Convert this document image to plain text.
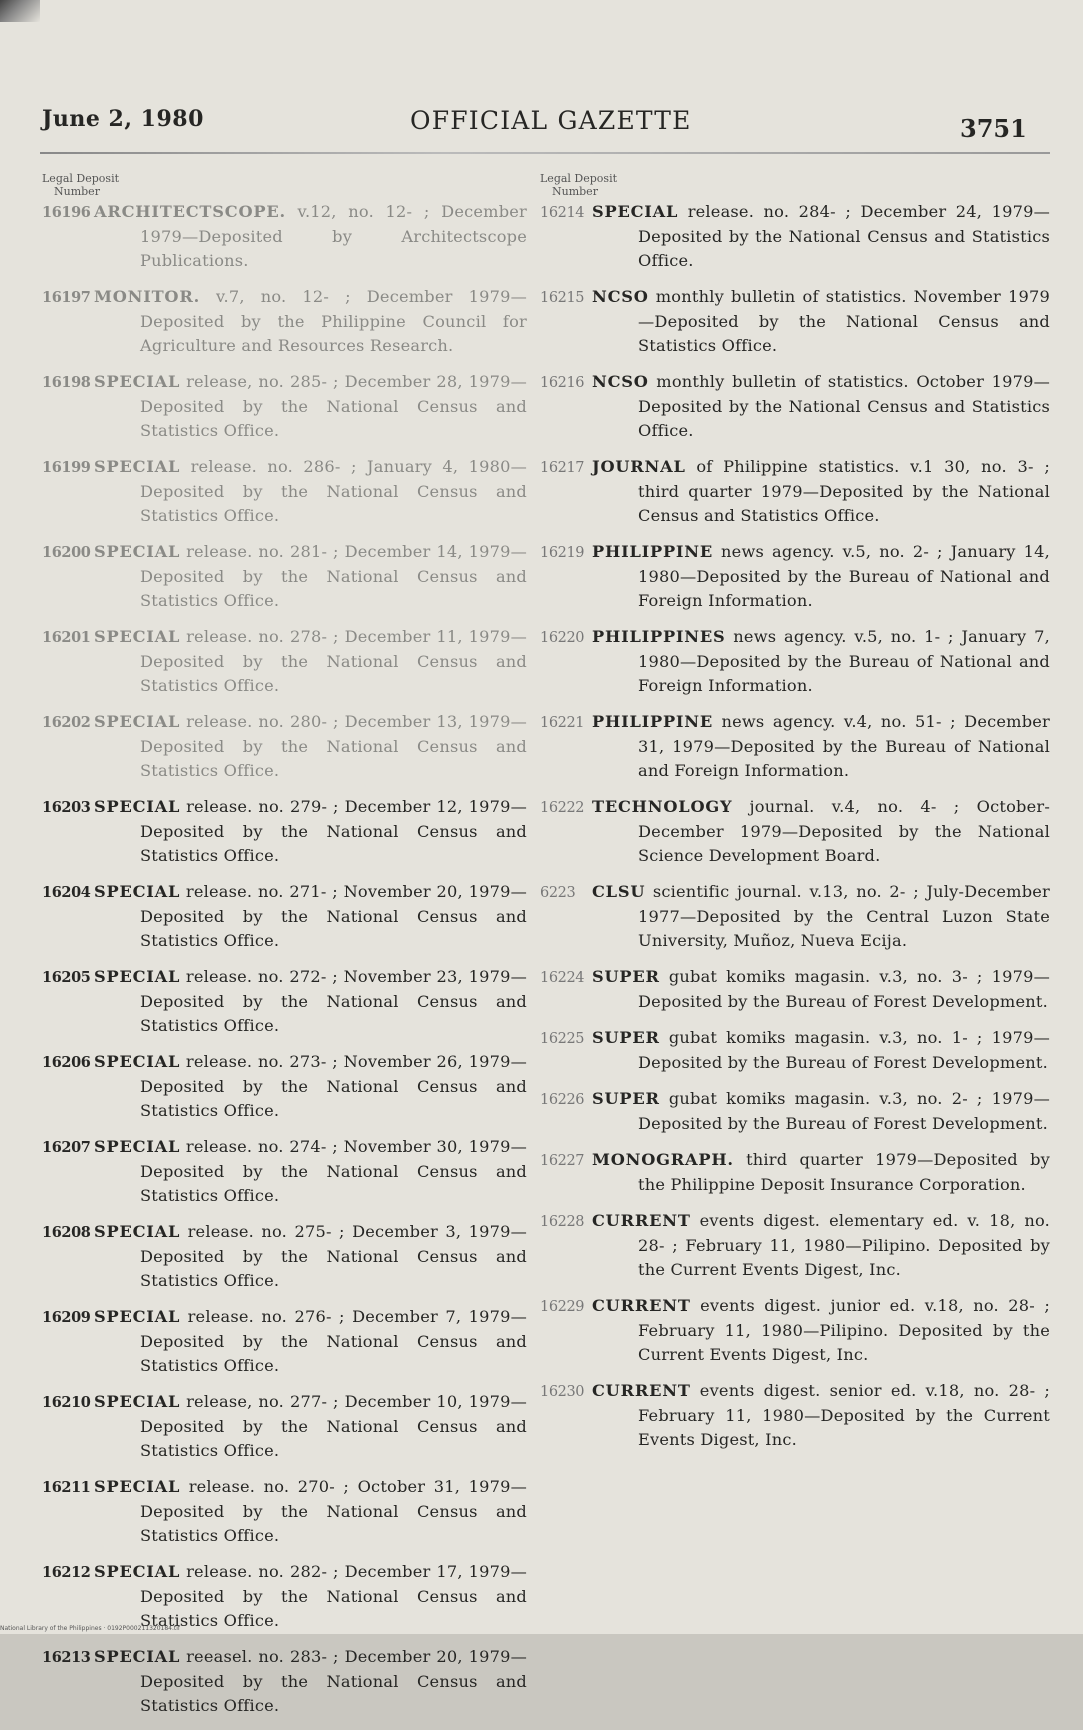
June 2, 1980	OFFICIAL GAZETTE	3751
Legal Deposit
Number
Legal Deposit
Number
16196 ARCHITECTSCOPE. v.12, no. 12- ; December 1979—Deposited by Architectscope Publications.
16197 MONITOR. v.7, no. 12- ; December 1979—Deposited by the Philippine Council for Agriculture and Resources Research.
16198 SPECIAL release, no. 285- ; December 28, 1979—Deposited by the National Census and Statistics Office.
16199 SPECIAL release. no. 286- ; January 4, 1980—Deposited by the National Census and Statistics Office.
16200 SPECIAL release. no. 281- ; December 14, 1979—Deposited by the National Census and Statistics Office.
16201 SPECIAL release. no. 278- ; December 11, 1979—Deposited by the National Census and Statistics Office.
16202 SPECIAL release. no. 280- ; December 13, 1979—Deposited by the National Census and Statistics Office.
16203 SPECIAL release. no. 279- ; December 12, 1979—Deposited by the National Census and Statistics Office.
16204 SPECIAL release. no. 271- ; November 20, 1979—Deposited by the National Census and Statistics Office.
16205 SPECIAL release. no. 272- ; November 23, 1979—Deposited by the National Census and Statistics Office.
16206 SPECIAL release. no. 273- ; November 26, 1979—Deposited by the National Census and Statistics Office.
16207 SPECIAL release. no. 274- ; November 30, 1979—Deposited by the National Census and Statistics Office.
16208 SPECIAL release. no. 275- ; December 3, 1979—Deposited by the National Census and Statistics Office.
16209 SPECIAL release. no. 276- ; December 7, 1979—Deposited by the National Census and Statistics Office.
16210 SPECIAL release, no. 277- ; December 10, 1979—Deposited by the National Census and Statistics Office.
16211 SPECIAL release. no. 270- ; October 31, 1979—Deposited by the National Census and Statistics Office.
16212 SPECIAL release. no. 282- ; December 17, 1979—Deposited by the National Census and Statistics Office.
16213 SPECIAL reeasel. no. 283- ; December 20, 1979—Deposited by the National Census and Statistics Office.
16214 SPECIAL release. no. 284- ; December 24, 1979—Deposited by the National Census and Statistics Office.
16215 NCSO monthly bulletin of statistics. November 1979—Deposited by the National Census and Statistics Office.
16216 NCSO monthly bulletin of statistics. October 1979—Deposited by the National Census and Statistics Office.
16217 JOURNAL of Philippine statistics. v.1 30, no. 3- ; third quarter 1979—Deposited by the National Census and Statistics Office.
16219 PHILIPPINE news agency. v.5, no. 2- ; January 14, 1980—Deposited by the Bureau of National and Foreign Information.
16220 PHILIPPINES news agency. v.5, no. 1- ; January 7, 1980—Deposited by the Bureau of National and Foreign Information.
16221 PHILIPPINE news agency. v.4, no. 51- ; December 31, 1979—Deposited by the Bureau of National and Foreign Information.
16222 TECHNOLOGY journal. v.4, no. 4- ; October-December 1979—Deposited by the National Science Development Board.
6223 CLSU scientific journal. v.13, no. 2- ; July-December 1977—Deposited by the Central Luzon State University, Muñoz, Nueva Ecija.
16224 SUPER gubat komiks magasin. v.3, no. 3- ; 1979—Deposited by the Bureau of Forest Development.
16225 SUPER gubat komiks magasin. v.3, no. 1- ; 1979—Deposited by the Bureau of Forest Development.
16226 SUPER gubat komiks magasin. v.3, no. 2- ; 1979—Deposited by the Bureau of Forest Development.
16227 MONOGRAPH. third quarter 1979—Deposited by the Philippine Deposit Insurance Corporation.
16228 CURRENT events digest. elementary ed. v. 18, no. 28- ; February 11, 1980—Pilipino. Deposited by the Current Events Digest, Inc.
16229 CURRENT events digest. junior ed. v.18, no. 28- ; February 11, 1980—Pilipino. Deposited by the Current Events Digest, Inc.
16230 CURRENT events digest. senior ed. v.18, no. 28- ; February 11, 1980—Deposited by the Current Events Digest, Inc.
National Library of the Philippines · 0192P000211320184.tif
